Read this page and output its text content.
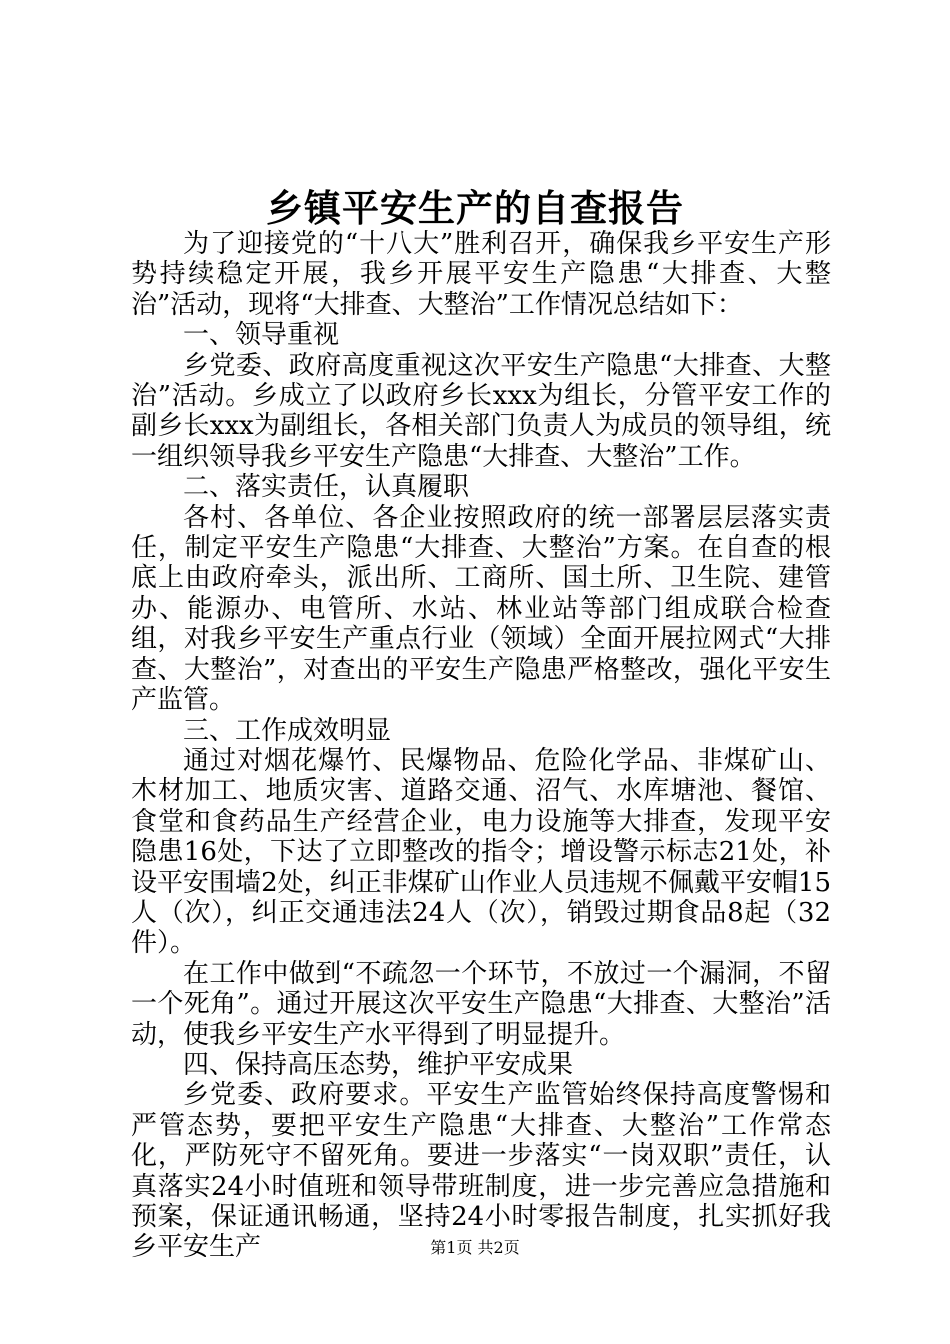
乡镇平安生产的自查报告

为了迎接党的“十八大”胜利召开，确保我乡平安生产形势持续稳定开展，我乡开展平安生产隐患“大排查、大整治”活动，现将“大排查、大整治”工作情况总结如下：

一、领导重视

乡党委、政府高度重视这次平安生产隐患“大排查、大整治”活动。乡成立了以政府乡长xxx为组长，分管平安工作的副乡长xxx为副组长，各相关部门负责人为成员的领导组，统一组织领导我乡平安生产隐患“大排查、大整治”工作。

二、落实责任，认真履职

各村、各单位、各企业按照政府的统一部署层层落实责任，制定平安生产隐患“大排查、大整治”方案。在自查的根底上由政府牵头，派出所、工商所、国土所、卫生院、建管办、能源办、电管所、水站、林业站等部门组成联合检查组，对我乡平安生产重点行业（领域）全面开展拉网式“大排查、大整治”，对查出的平安生产隐患严格整改，强化平安生产监管。

三、工作成效明显

通过对烟花爆竹、民爆物品、危险化学品、非煤矿山、木材加工、地质灾害、道路交通、沼气、水库塘池、餐馆、食堂和食药品生产经营企业，电力设施等大排查，发现平安隐患16处，下达了立即整改的指令；增设警示标志21处，补设平安围墙2处，纠正非煤矿山作业人员违规不佩戴平安帽15人（次），纠正交通违法24人（次），销毁过期食品8起（32件）。

在工作中做到“不疏忽一个环节，不放过一个漏洞，不留一个死角”。通过开展这次平安生产隐患“大排查、大整治”活动，使我乡平安生产水平得到了明显提升。

四、保持高压态势，维护平安成果

乡党委、政府要求。平安生产监管始终保持高度警惕和严管态势，要把平安生产隐患“大排查、大整治”工作常态化，严防死守不留死角。要进一步落实“一岗双职”责任，认真落实24小时值班和领导带班制度，进一步完善应急措施和预案，保证通讯畅通，坚持24小时零报告制度，扎实抓好我乡平安生产	第1页 共2页
